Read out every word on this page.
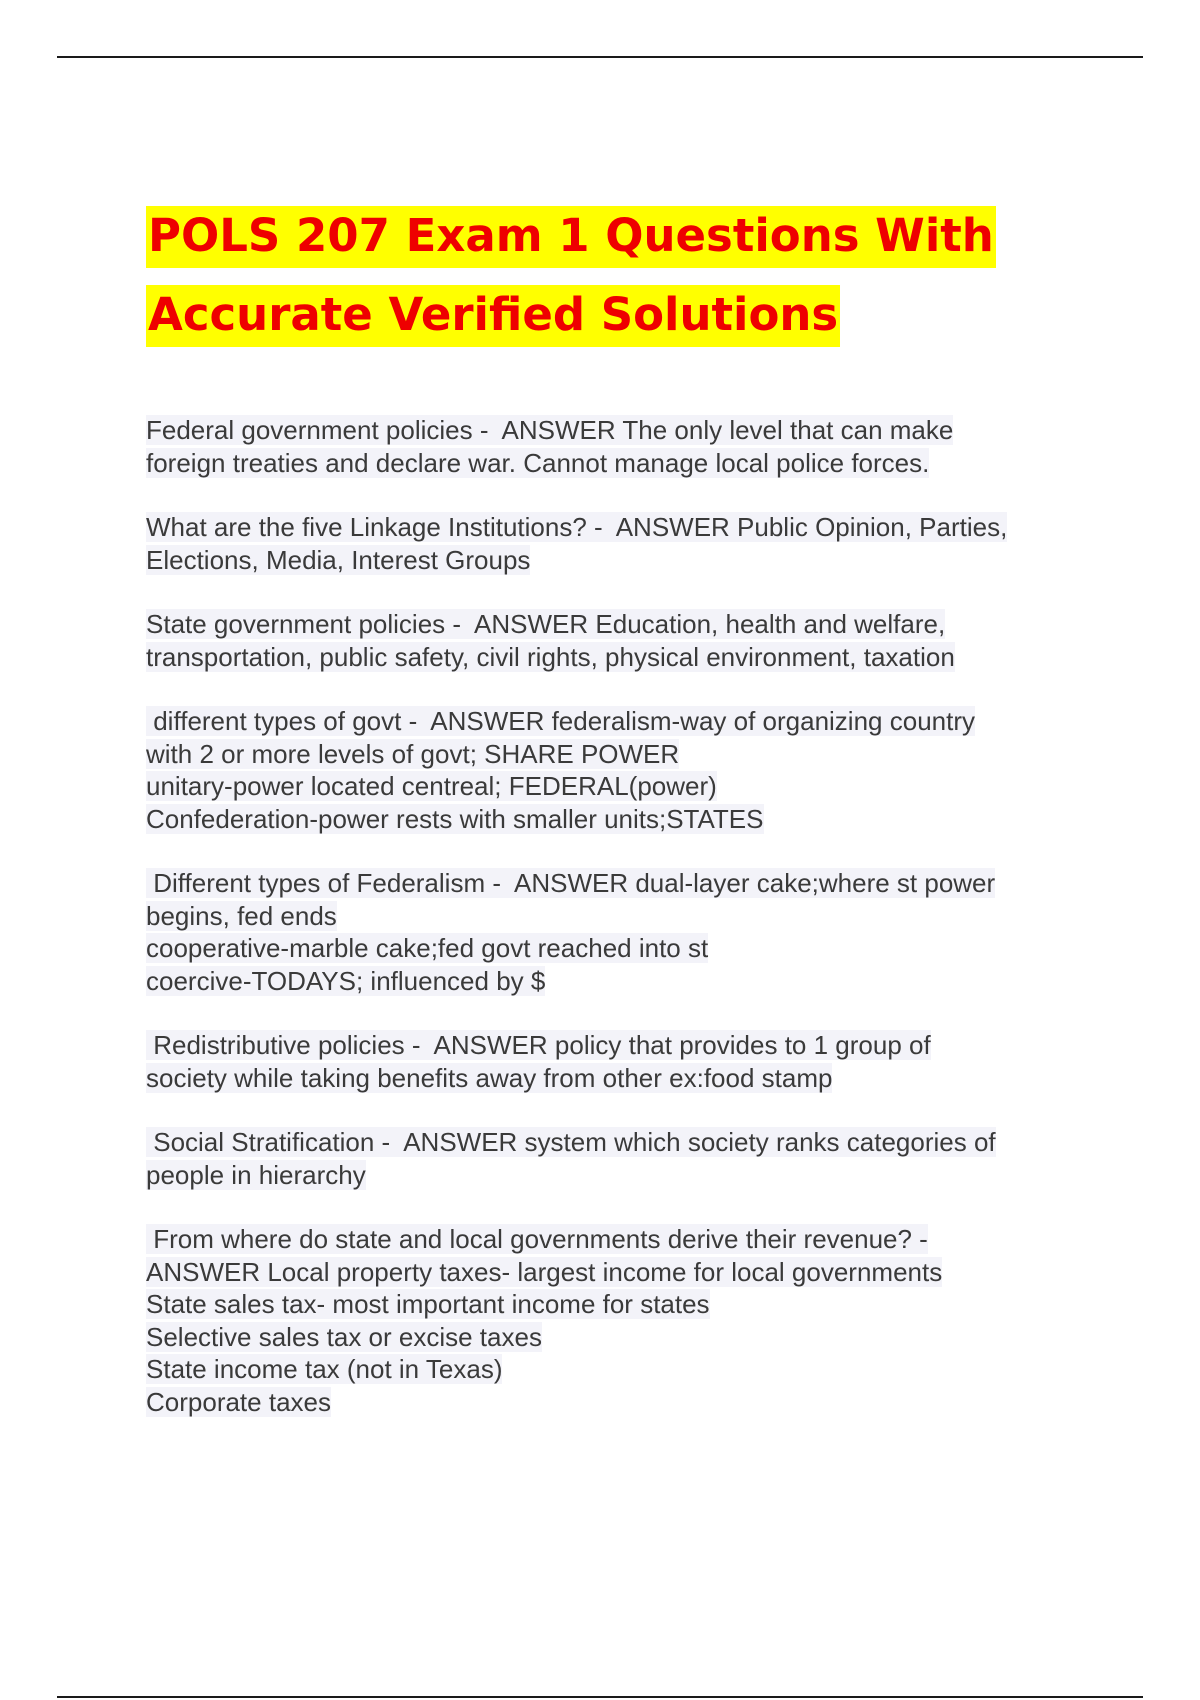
POLS 207 Exam 1 Questions With
Accurate Verified Solutions
Federal government policies -  ANSWER The only level that can make
foreign treaties and declare war. Cannot manage local police forces.
What are the five Linkage Institutions? -  ANSWER Public Opinion, Parties,
Elections, Media, Interest Groups
State government policies -  ANSWER Education, health and welfare,
transportation, public safety, civil rights, physical environment, taxation
different types of govt -  ANSWER federalism-way of organizing country
with 2 or more levels of govt; SHARE POWER
unitary-power located centreal; FEDERAL(power)
Confederation-power rests with smaller units;STATES
Different types of Federalism -  ANSWER dual-layer cake;where st power
begins, fed ends
cooperative-marble cake;fed govt reached into st
coercive-TODAYS; influenced by $
Redistributive policies -  ANSWER policy that provides to 1 group of
society while taking benefits away from other ex:food stamp
Social Stratification -  ANSWER system which society ranks categories of
people in hierarchy
From where do state and local governments derive their revenue? -
ANSWER Local property taxes- largest income for local governments
State sales tax- most important income for states
Selective sales tax or excise taxes
State income tax (not in Texas)
Corporate taxes
